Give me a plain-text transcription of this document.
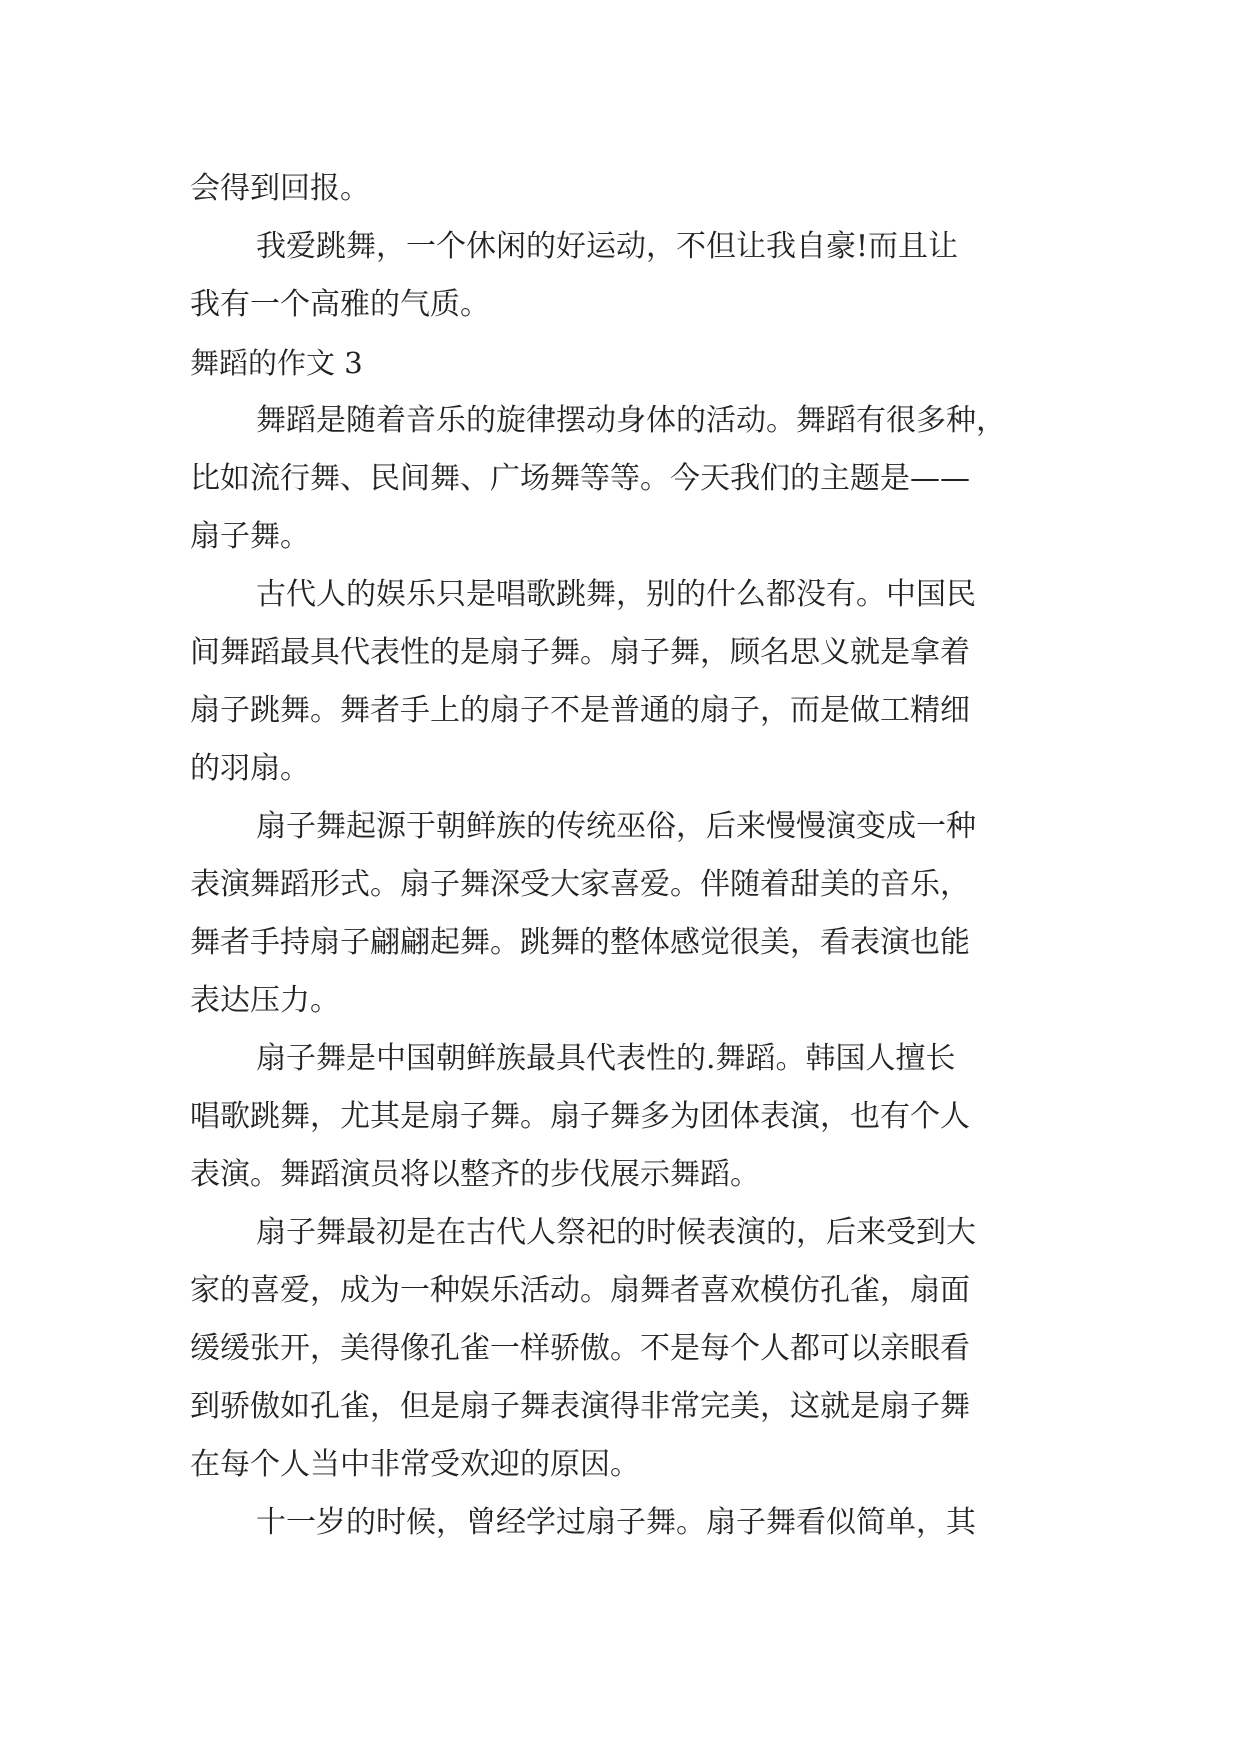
会得到回报。
我爱跳舞，一个休闲的好运动，不但让我自豪!而且让
我有一个高雅的气质。
舞蹈的作文 3
舞蹈是随着音乐的旋律摆动身体的活动。舞蹈有很多种，
比如流行舞、民间舞、广场舞等等。今天我们的主题是——
扇子舞。
古代人的娱乐只是唱歌跳舞，别的什么都没有。中国民
间舞蹈最具代表性的是扇子舞。扇子舞，顾名思义就是拿着
扇子跳舞。舞者手上的扇子不是普通的扇子，而是做工精细
的羽扇。
扇子舞起源于朝鲜族的传统巫俗，后来慢慢演变成一种
表演舞蹈形式。扇子舞深受大家喜爱。伴随着甜美的音乐，
舞者手持扇子翩翩起舞。跳舞的整体感觉很美，看表演也能
表达压力。
扇子舞是中国朝鲜族最具代表性的.舞蹈。韩国人擅长
唱歌跳舞，尤其是扇子舞。扇子舞多为团体表演，也有个人
表演。舞蹈演员将以整齐的步伐展示舞蹈。
扇子舞最初是在古代人祭祀的时候表演的，后来受到大
家的喜爱，成为一种娱乐活动。扇舞者喜欢模仿孔雀，扇面
缓缓张开，美得像孔雀一样骄傲。不是每个人都可以亲眼看
到骄傲如孔雀，但是扇子舞表演得非常完美，这就是扇子舞
在每个人当中非常受欢迎的原因。
十一岁的时候，曾经学过扇子舞。扇子舞看似简单，其
